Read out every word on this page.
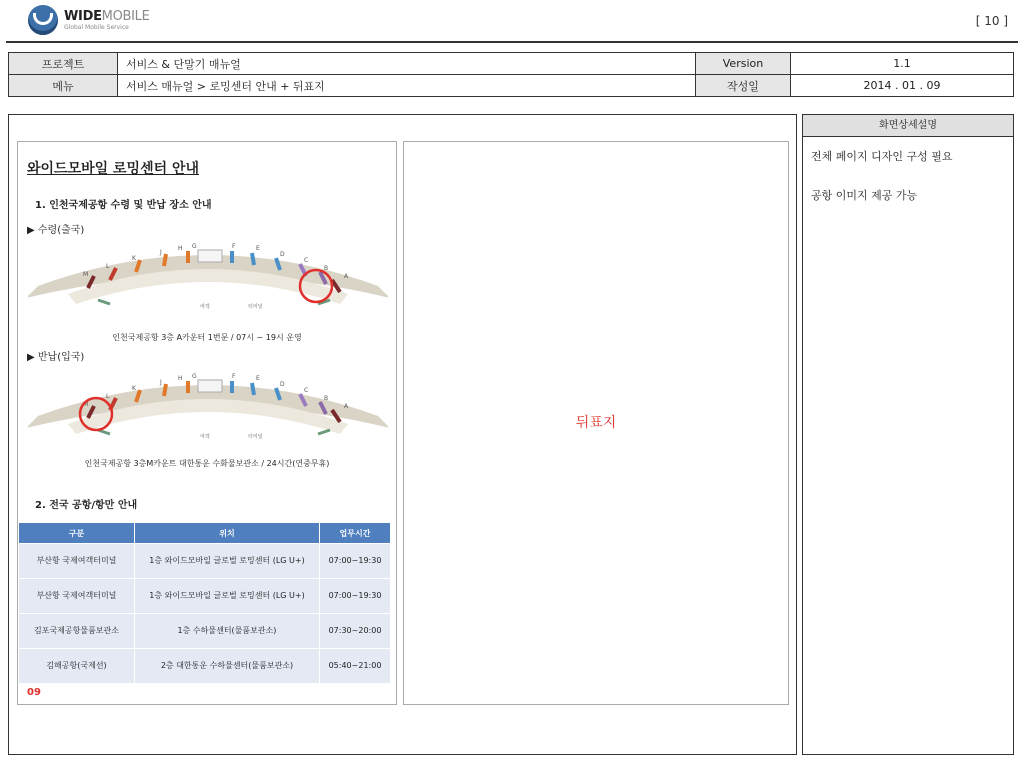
WIDEMOBILE
Global Mobile Service	[ 10 ]
프로젝트	서비스 & 단말기 매뉴얼	Version	1.1
메뉴	서비스 매뉴얼 > 로밍센터 안내 + 뒤표지	작성일	2014 . 01 . 09
와이드모바일 로밍센터 안내
1. 인천국제공항 수령 및 반납 장소 안내
▶ 수령(출국)
M
L
K
J
H G	F	E
D
C
B
A
여객	터미널
인천국제공항 3층 A카운터 1번문 / 07시 ~ 19시 운영
▶ 반납(입국)
M
L
K
J
H G	F	E
D
C
B
A
여객	터미널
인천국제공항 3층M카운트 대한통운 수화물보관소 / 24시간(연중무휴)
2. 전국 공항/항만 안내
구분	위치	업무시간
부산항 국제여객터미널	1층 와이드모바일 글로벌 로밍센터 (LG U+)	07:00~19:30
부산항 국제여객터미널	1층 와이드모바일 글로벌 로밍센터 (LG U+)	07:00~19:30
김포국제공항물품보관소	1층 수하물센터(물품보관소)	07:30~20:00
김해공항(국제선)	2층 대한통운 수하물센터(물품보관소)	05:40~21:00
09
뒤표지
화면상세설명
전체 페이지 디자인 구성 필요
공항 이미지 제공 가능
